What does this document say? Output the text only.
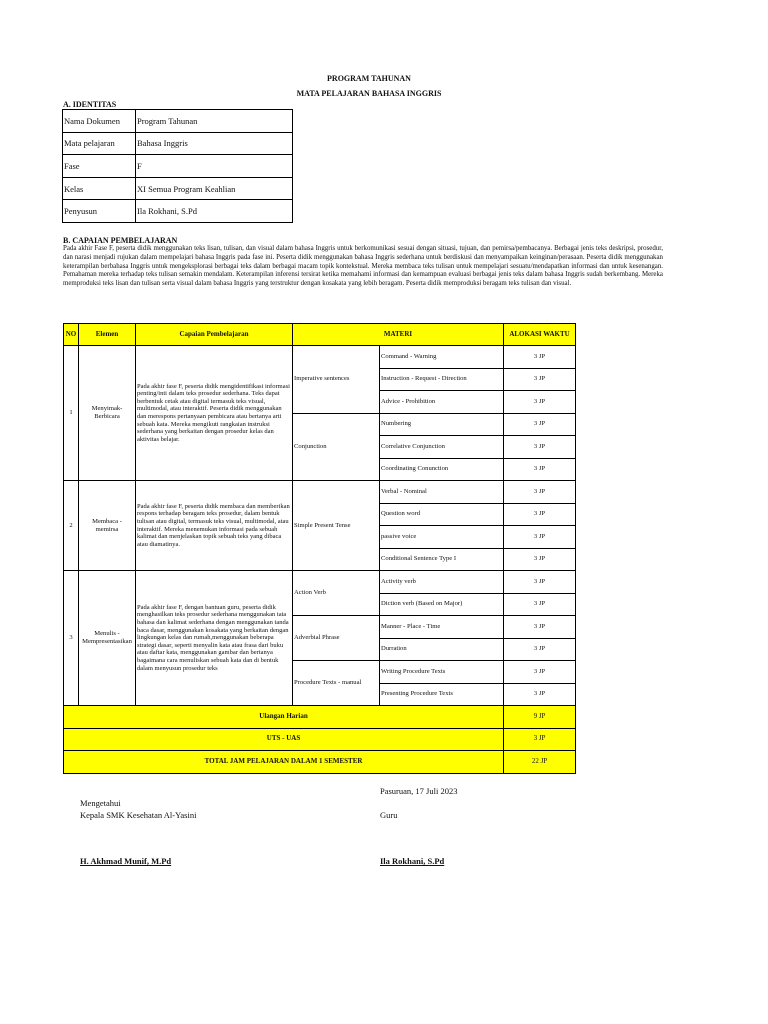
PROGRAM TAHUNAN
MATA PELAJARAN BAHASA INGGRIS
A. IDENTITAS
Nama Dokumen	Program Tahunan
Mata pelajaran	Bahasa Inggris
Fase	F
Kelas	XI Semua Program Keahlian
Penyusun	Ila Rokhani, S.Pd
B. CAPAIAN PEMBELAJARAN
Pada akhir Fase F, peserta didik menggunakan teks lisan, tulisan, dan visual dalam bahasa Inggris untuk berkomunikasi sesuai dengan situasi, tujuan, dan pemirsa/pembacanya. Berbagai jenis teks deskripsi, prosedur, dan narasi menjadi rujukan dalam mempelajari bahasa Inggris pada fase ini. Peserta didik menggunakan bahasa Inggris sederhana untuk berdiskusi dan menyampaikan keinginan/perasaan. Peserta didik menggunakan keterampilan berbahasa Inggris untuk mengeksplorasi berbagai teks dalam berbagai macam topik kontekstual. Mereka membaca teks tulisan untuk mempelajari sesuatu/mendapatkan informasi dan untuk kesenangan. Pemahaman mereka terhadap teks tulisan semakin mendalam. Keterampilan inferensi tersirat ketika memahami informasi dan kemampuan evaluasi berbagai jenis teks dalam bahasa Inggris sudah berkembang. Mereka memproduksi teks lisan dan tulisan serta visual dalam bahasa Inggris yang terstruktur dengan kosakata yang lebih beragam. Peserta didik memproduksi beragam teks tulisan dan visual.
NO	Elemen	Capaian Pembelajaran	MATERI		ALOKASI WAKTU
1	Menyimak-Berbicara	Pada akhir fase F, peserta didik mengidentifikasi informasi penting/inti dalam teks prosedur sederhana. Teks dapat berbentuk cetak atau digital termasuk teks visual, multimodal, atau interaktif. Peserta didik menggunakan dan merespons pertanyaan pembicara atau bertanya arti sebuah kata. Mereka mengikuti rangkaian instruksi sederhana yang berkaitan dengan prosedur kelas dan aktivitas belajar.	Imperative sentences	Command - Warning	3 JP
				Instruction - Request - Direction	3 JP
				Advice - Prohibition	3 JP
			Conjunction	Numbering	3 JP
				Correlative Conjunction	3 JP
				Coordinating Conunction	3 JP
2	Membaca - memirsa	Pada akhir fase F, peserta didik membaca dan memberikan respons terhadap beragam teks prosedur, dalam bentuk tulisan atau digital, termasuk teks visual, multimodal, atau interaktif. Mereka menemukan informasi pada sebuah kalimat dan menjelaskan topik sebuah teks yang dibaca atau diamatinya.	Simple Present Tense	Verbal - Nominal	3 JP
				Question word	3 JP
				passive voice	3 JP
				Conditional Sentence Type I	3 JP
3	Menulis - Mempresentasikan	Pada akhir fase F, dengan bantuan guru, peserta didik menghasilkan teks prosedur sederhana menggunakan tata bahasa dan kalimat sederhana dengan menggunakan tanda baca dasar, menggunakan kosakata yang berkaitan dengan lingkungan kelas dan rumah,menggunakan beberapa strategi dasar, seperti menyalin kata atau frasa dari buku atau daftar kata, menggunakan gambar dan bertanya bagaimana cara menuliskan sebuah kata dan di bentuk dalam menyusun prosedur teks	Action Verb	Activity verb	3 JP
				Diction verb (Based on Major)	3 JP
			Adverbial Phrase	Manner - Place - Time	3 JP
				Durration	3 JP
			Procedure Texts - manual	Writing Procedure Texts	3 JP
				Presenting Procedure Texts	3 JP
Ulangan Harian					9 JP
UTS - UAS					3 JP
TOTAL JAM PELAJARAN DALAM 1 SEMESTER					22 JP
Pasuruan, 17 Juli 2023
Mengetahui
Kepala SMK Kesehatan Al-Yasini	Guru
H. Akhmad Munif, M.Pd	Ila Rokhani, S.Pd
